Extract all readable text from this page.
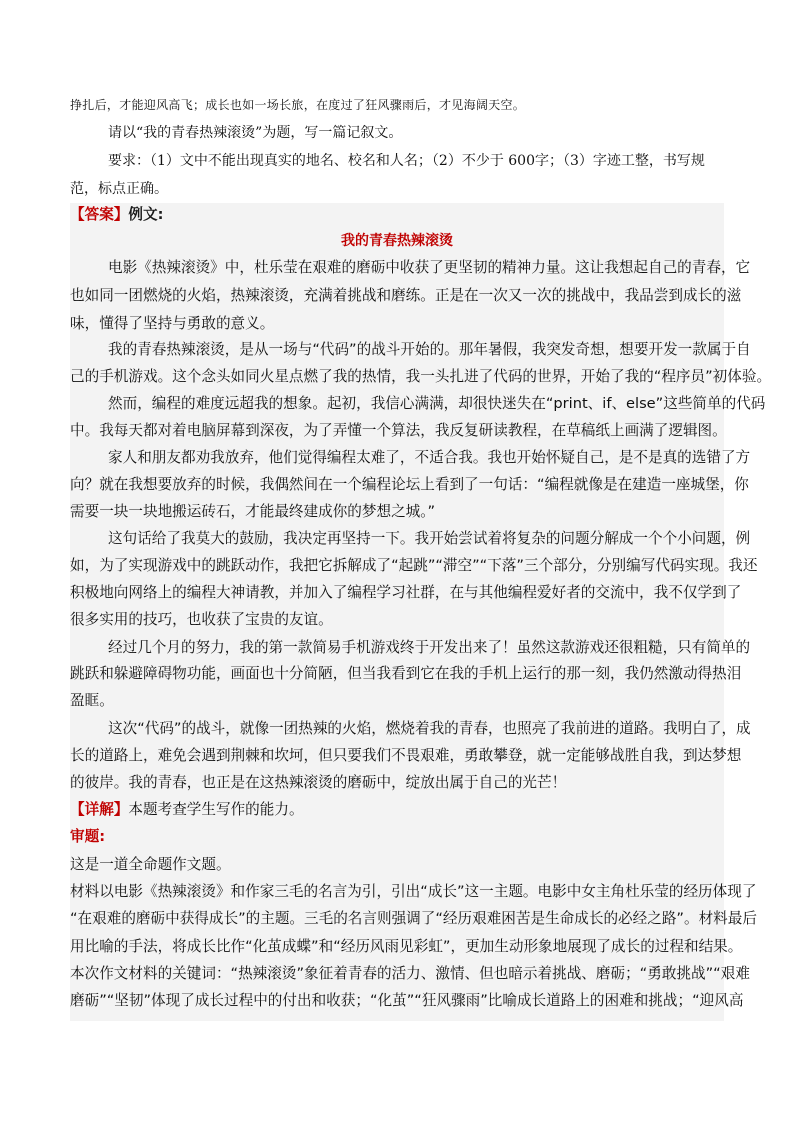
挣扎后，才能迎风高飞；成长也如一场长旅，在度过了狂风骤雨后，才见海阔天空。
请以“我的青春热辣滚烫”为题，写一篇记叙文。
要求：（1）文中不能出现真实的地名、校名和人名；（2）不少于 600字；（3）字迹工整，书写规
范，标点正确。
【答案】例文:
我的青春热辣滚烫
电影《热辣滚烫》中，杜乐莹在艰难的磨砺中收获了更坚韧的精神力量。这让我想起自己的青春，它
也如同一团燃烧的火焰，热辣滚烫，充满着挑战和磨练。正是在一次又一次的挑战中，我品尝到成长的滋
味，懂得了坚持与勇敢的意义。
我的青春热辣滚烫，是从一场与“代码”的战斗开始的。那年暑假，我突发奇想，想要开发一款属于自
己的手机游戏。这个念头如同火星点燃了我的热情，我一头扎进了代码的世界，开始了我的“程序员”初体验。
然而，编程的难度远超我的想象。起初，我信心满满，却很快迷失在“print、if、else”这些简单的代码
中。我每天都对着电脑屏幕到深夜，为了弄懂一个算法，我反复研读教程，在草稿纸上画满了逻辑图。
家人和朋友都劝我放弃，他们觉得编程太难了，不适合我。我也开始怀疑自己，是不是真的选错了方
向？就在我想要放弃的时候，我偶然间在一个编程论坛上看到了一句话：“编程就像是在建造一座城堡，你
需要一块一块地搬运砖石，才能最终建成你的梦想之城。”
这句话给了我莫大的鼓励，我决定再坚持一下。我开始尝试着将复杂的问题分解成一个个小问题，例
如，为了实现游戏中的跳跃动作，我把它拆解成了“起跳”“滞空”“下落”三个部分，分别编写代码实现。我还
积极地向网络上的编程大神请教，并加入了编程学习社群，在与其他编程爱好者的交流中，我不仅学到了
很多实用的技巧，也收获了宝贵的友谊。
经过几个月的努力，我的第一款简易手机游戏终于开发出来了！虽然这款游戏还很粗糙，只有简单的
跳跃和躲避障碍物功能，画面也十分简陋，但当我看到它在我的手机上运行的那一刻，我仍然激动得热泪
盈眶。
这次“代码”的战斗，就像一团热辣的火焰，燃烧着我的青春，也照亮了我前进的道路。我明白了，成
长的道路上，难免会遇到荆棘和坎坷，但只要我们不畏艰难，勇敢攀登，就一定能够战胜自我，到达梦想
的彼岸。我的青春，也正是在这热辣滚烫的磨砺中，绽放出属于自己的光芒！
【详解】本题考查学生写作的能力。
审题:
这是一道全命题作文题。
材料以电影《热辣滚烫》和作家三毛的名言为引，引出“成长”这一主题。电影中女主角杜乐莹的经历体现了
“在艰难的磨砺中获得成长”的主题。三毛的名言则强调了“经历艰难困苦是生命成长的必经之路”。材料最后
用比喻的手法，将成长比作“化茧成蝶”和“经历风雨见彩虹”，更加生动形象地展现了成长的过程和结果。
本次作文材料的关键词：“热辣滚烫”象征着青春的活力、激情、但也暗示着挑战、磨砺；“勇敢挑战”“艰难
磨砺”“坚韧”体现了成长过程中的付出和收获；“化茧”“狂风骤雨”比喻成长道路上的困难和挑战；“迎风高
